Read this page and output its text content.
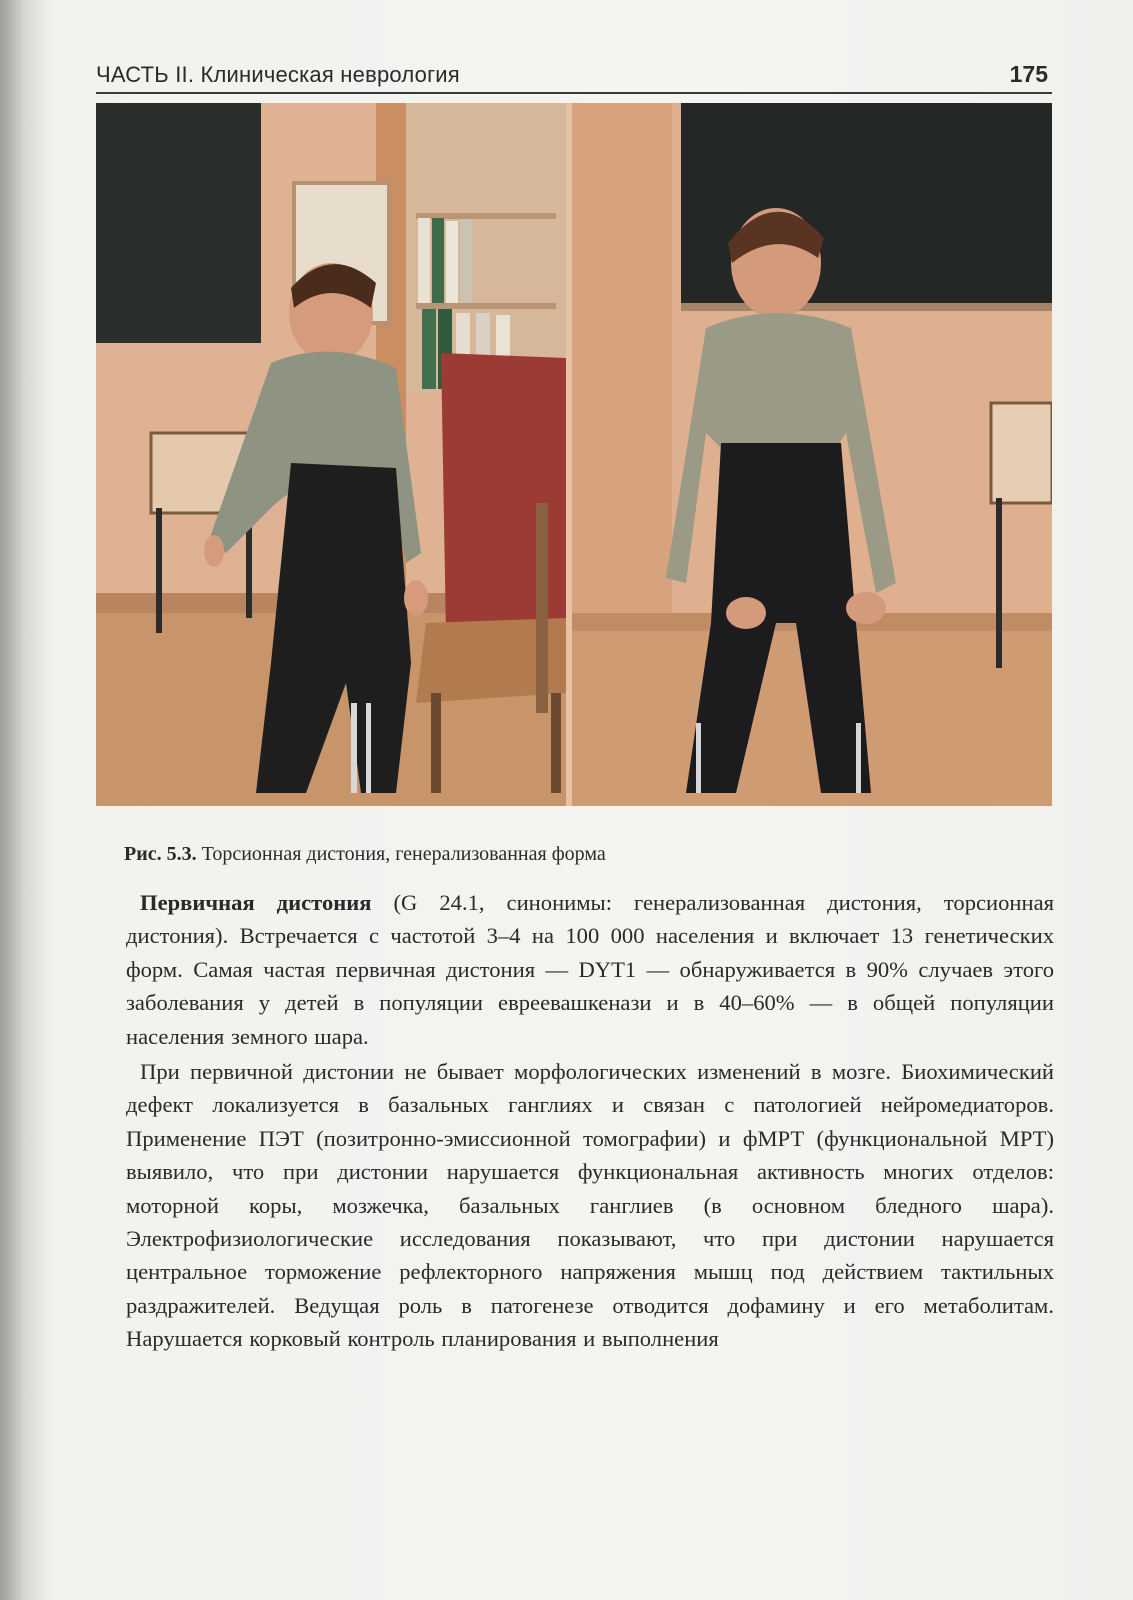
ЧАСТЬ II. Клиническая неврология	175
Рис. 5.3. Торсионная дистония, генерализованная форма

Первичная дистония (G 24.1, синонимы: генерализованная дистония, торсионная дистония). Встречается с частотой 3–4 на 100 000 населения и включает 13 генетических форм. Самая частая первичная дистония — DYT1 — обнаруживается в 90% случаев этого заболевания у детей в популяции евреевашкенази и в 40–60% — в общей популяции населения земного шара.

При первичной дистонии не бывает морфологических изменений в мозге. Биохимический дефект локализуется в базальных ганглиях и связан с патологией нейромедиаторов. Применение ПЭТ (позитронно-эмиссионной томографии) и фМРТ (функциональной МРТ) выявило, что при дистонии нарушается функциональная активность многих отделов: моторной коры, мозжечка, базальных ганглиев (в основном бледного шара). Электрофизиологические исследования показывают, что при дистонии нарушается центральное торможение рефлекторного напряжения мышц под действием тактильных раздражителей. Ведущая роль в патогенезе отводится дофамину и его метаболитам. Нарушается корковый контроль планирования и выполнения
